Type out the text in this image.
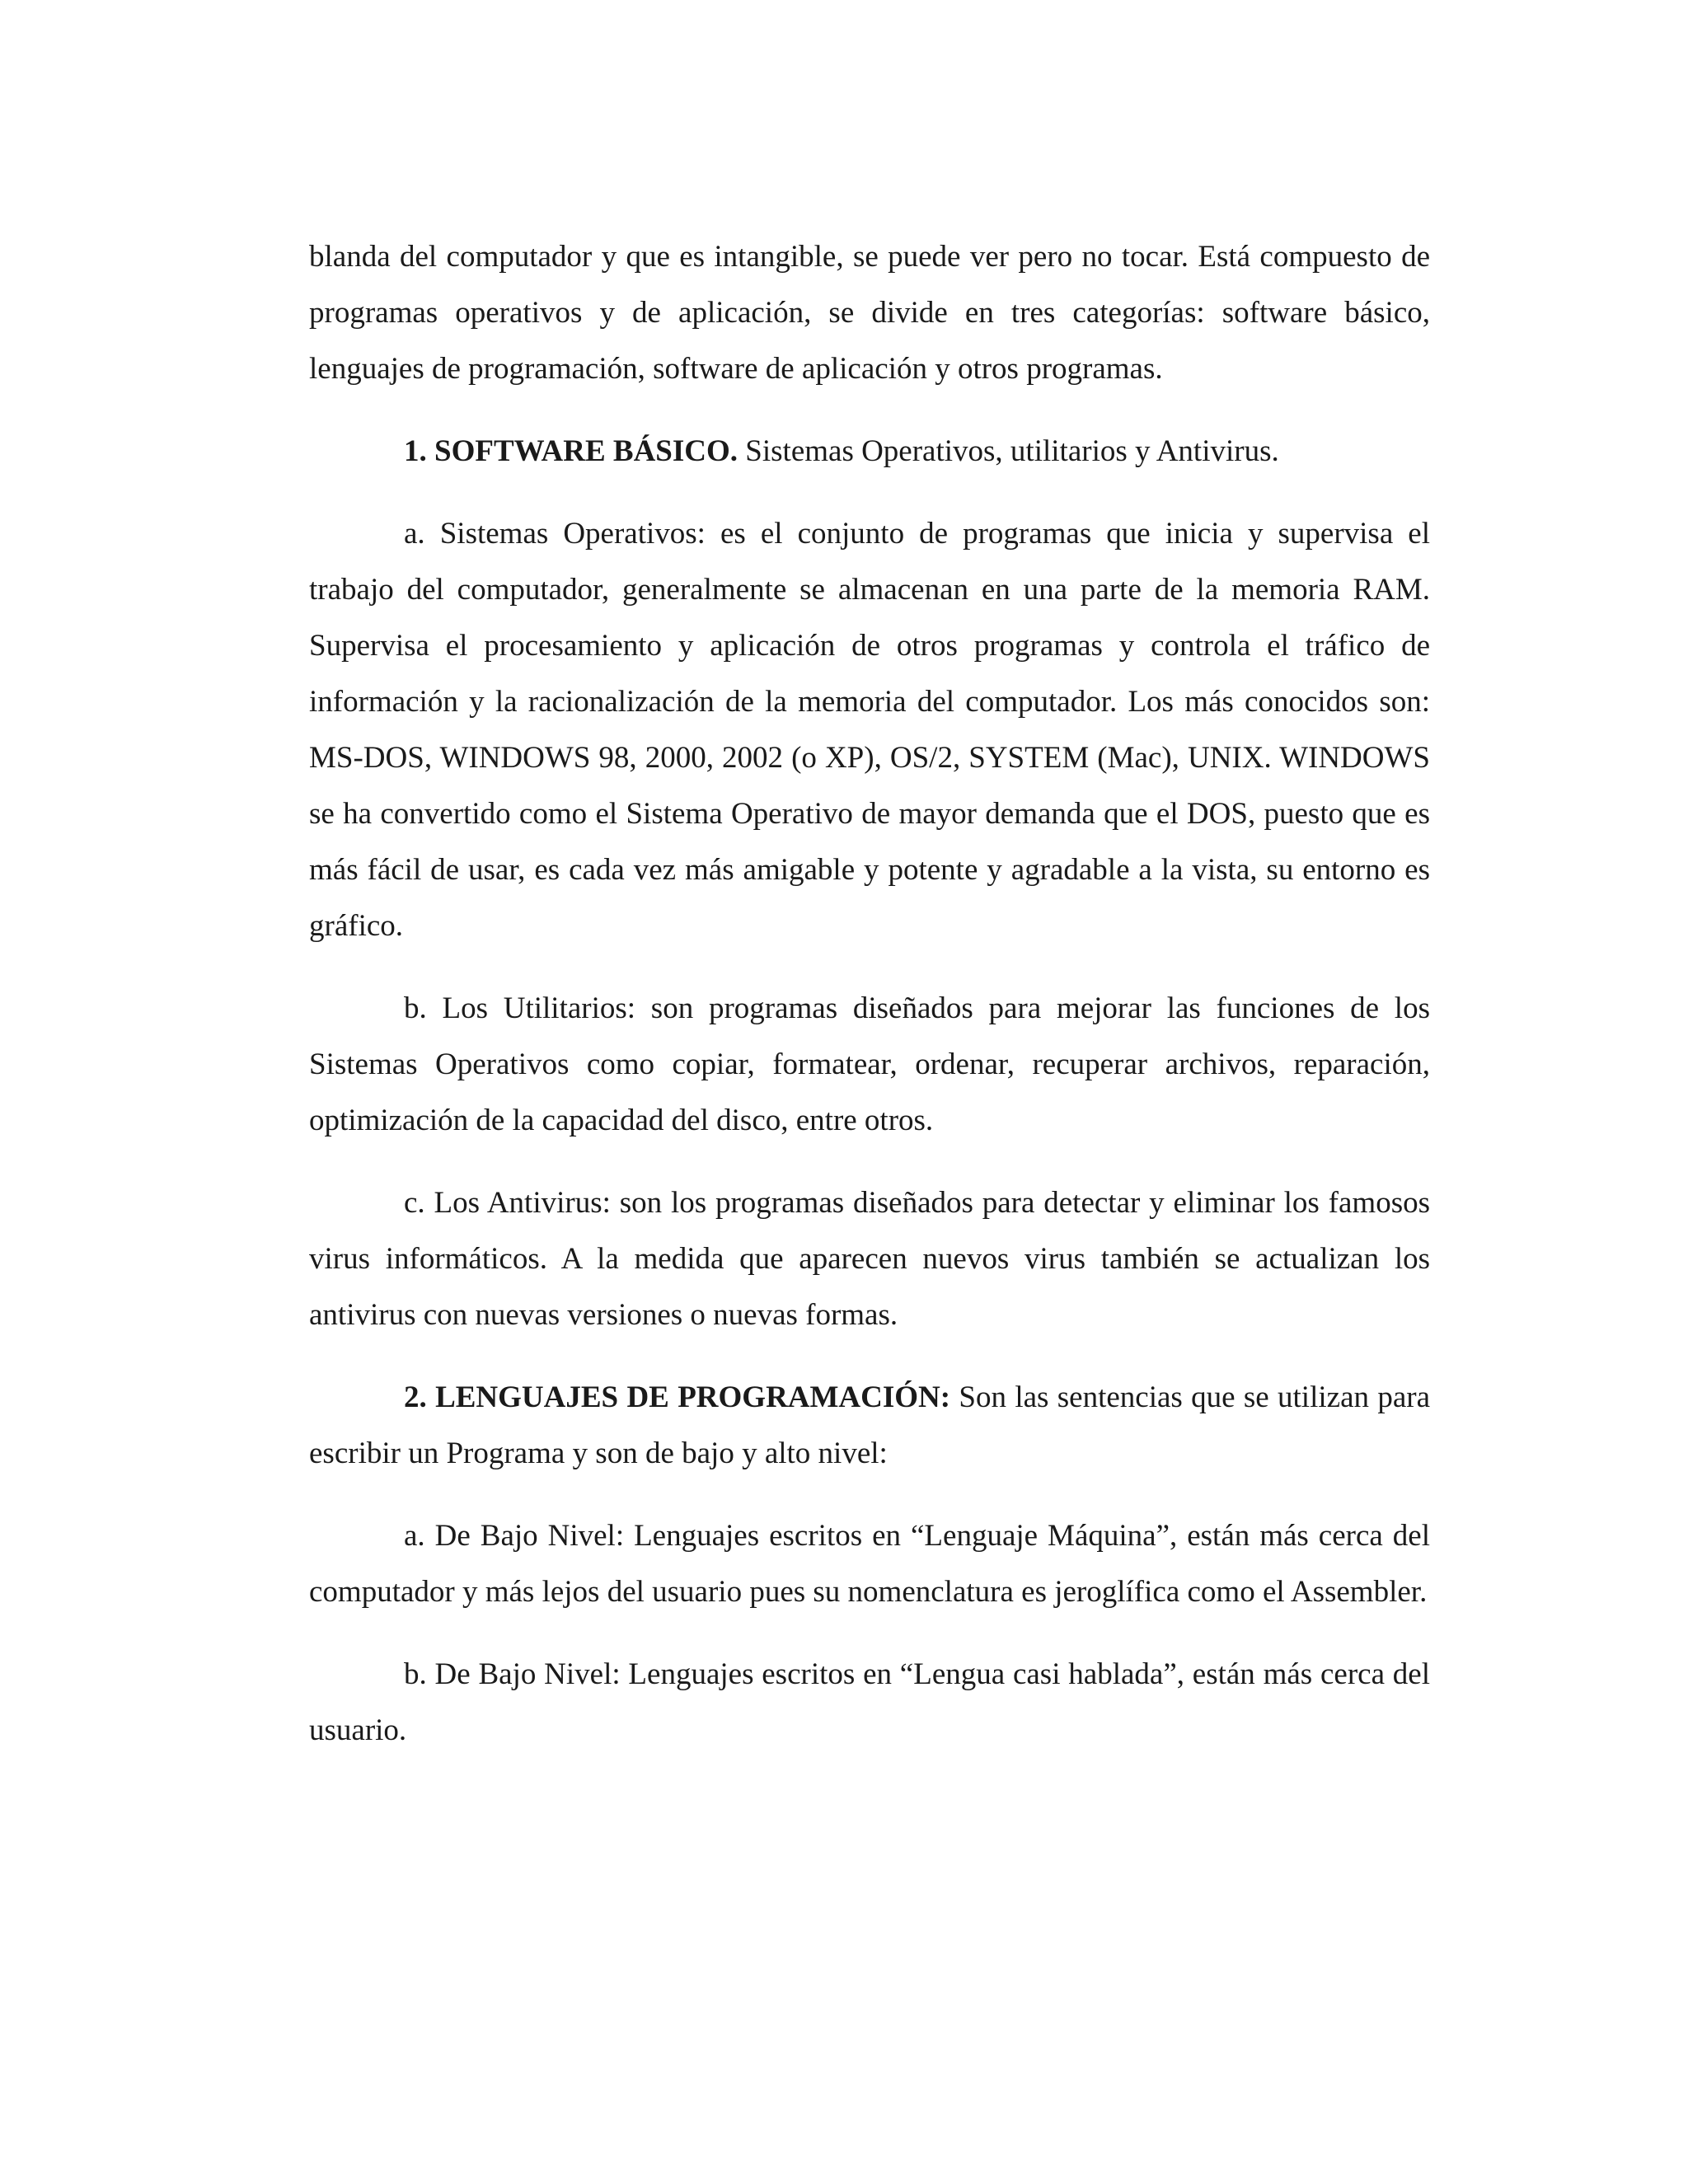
blanda del computador y que es intangible, se puede ver pero no tocar. Está compuesto de programas operativos y de aplicación, se divide en tres categorías: software básico, lenguajes de programación, software de aplicación y otros programas.

1. SOFTWARE BÁSICO. Sistemas Operativos, utilitarios y Antivirus.

a. Sistemas Operativos: es el conjunto de programas que inicia y supervisa el trabajo del computador, generalmente se almacenan en una parte de la memoria RAM. Supervisa el procesamiento y aplicación de otros programas y controla el tráfico de información y la racionalización de la memoria del computador. Los más conocidos son: MS-DOS, WINDOWS 98, 2000, 2002 (o XP), OS/2, SYSTEM (Mac), UNIX. WINDOWS se ha convertido como el Sistema Operativo de mayor demanda que el DOS, puesto que es más fácil de usar, es cada vez más amigable y potente y agradable a la vista, su entorno es gráfico.

b. Los Utilitarios: son programas diseñados para mejorar las funciones de los Sistemas Operativos como copiar, formatear, ordenar, recuperar archivos, reparación, optimización de la capacidad del disco, entre otros.

c. Los Antivirus: son los programas diseñados para detectar y eliminar los famosos virus informáticos. A la medida que aparecen nuevos virus también se actualizan los antivirus con nuevas versiones o nuevas formas.

2. LENGUAJES DE PROGRAMACIÓN: Son las sentencias que se utilizan para escribir un Programa y son de bajo y alto nivel:

a. De Bajo Nivel: Lenguajes escritos en “Lenguaje Máquina”, están más cerca del computador y más lejos del usuario pues su nomenclatura es jeroglífica como el Assembler.

b. De Bajo Nivel: Lenguajes escritos en “Lengua casi hablada”, están más cerca del usuario.
